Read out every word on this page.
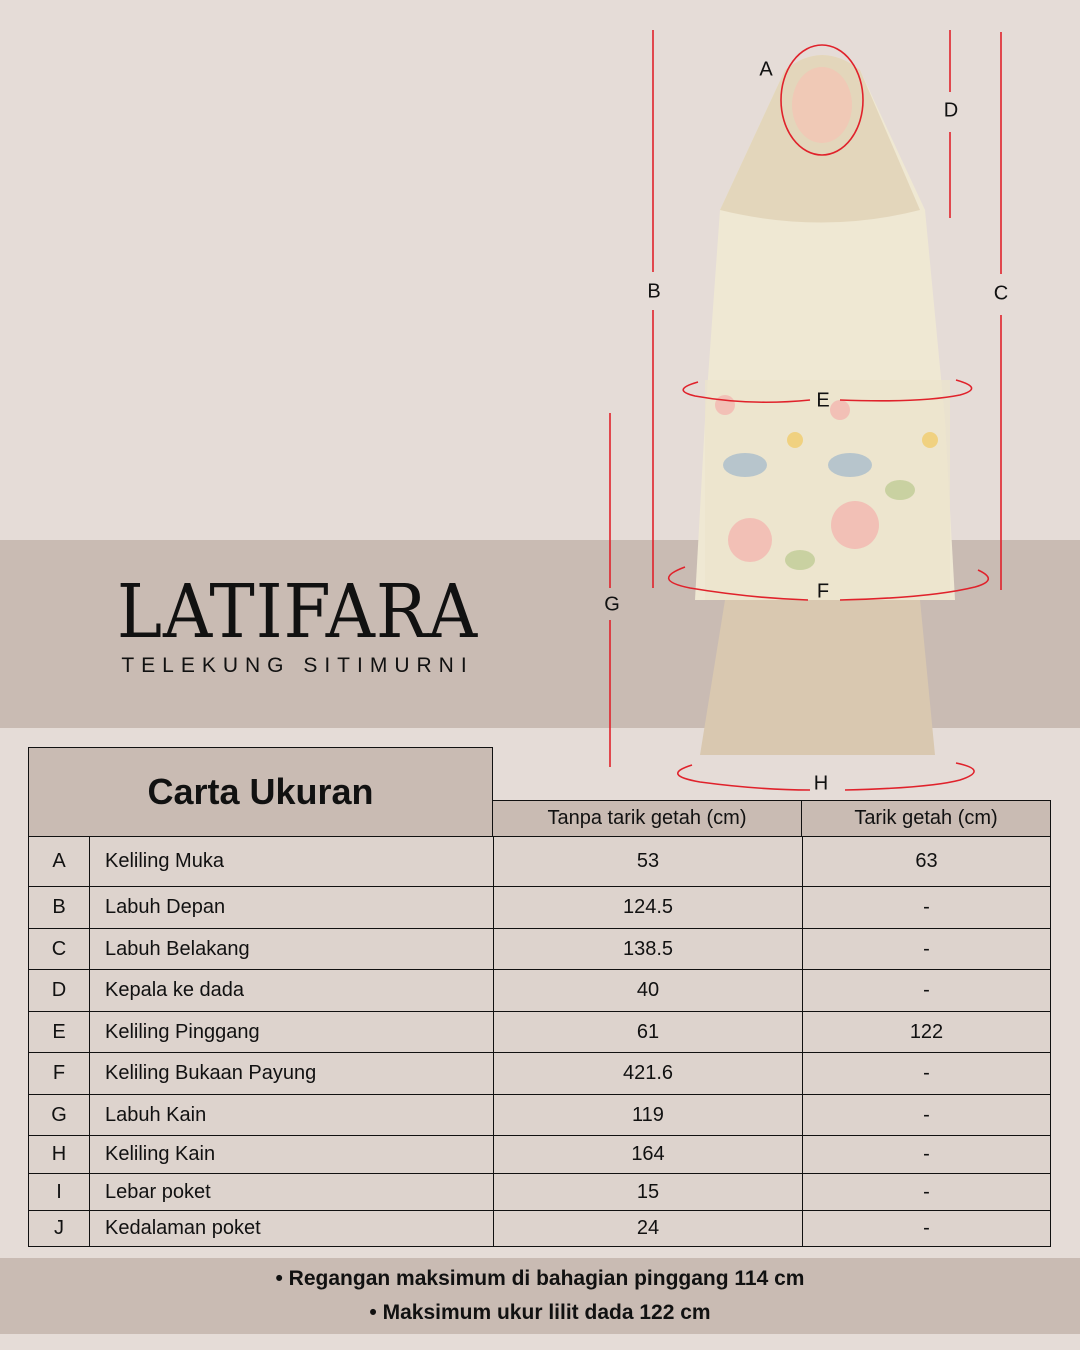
LATIFARA
TELEKUNG SITIMURNI
A
B	C
D
E
F
G
H
Carta Ukuran
Tanpa tarik getah (cm)	Tarik getah (cm)
A	Keliling Muka	53	63
B	Labuh Depan	124.5	-
C	Labuh Belakang	138.5	-
D	Kepala ke dada	40	-
E	Keliling Pinggang	61	122
F	Keliling Bukaan Payung	421.6	-
G	Labuh Kain	119	-
H	Keliling Kain	164	-
I	Lebar poket	15	-
J	Kedalaman poket	24	-
• Regangan maksimum di bahagian pinggang 114 cm
• Maksimum ukur lilit dada 122 cm
